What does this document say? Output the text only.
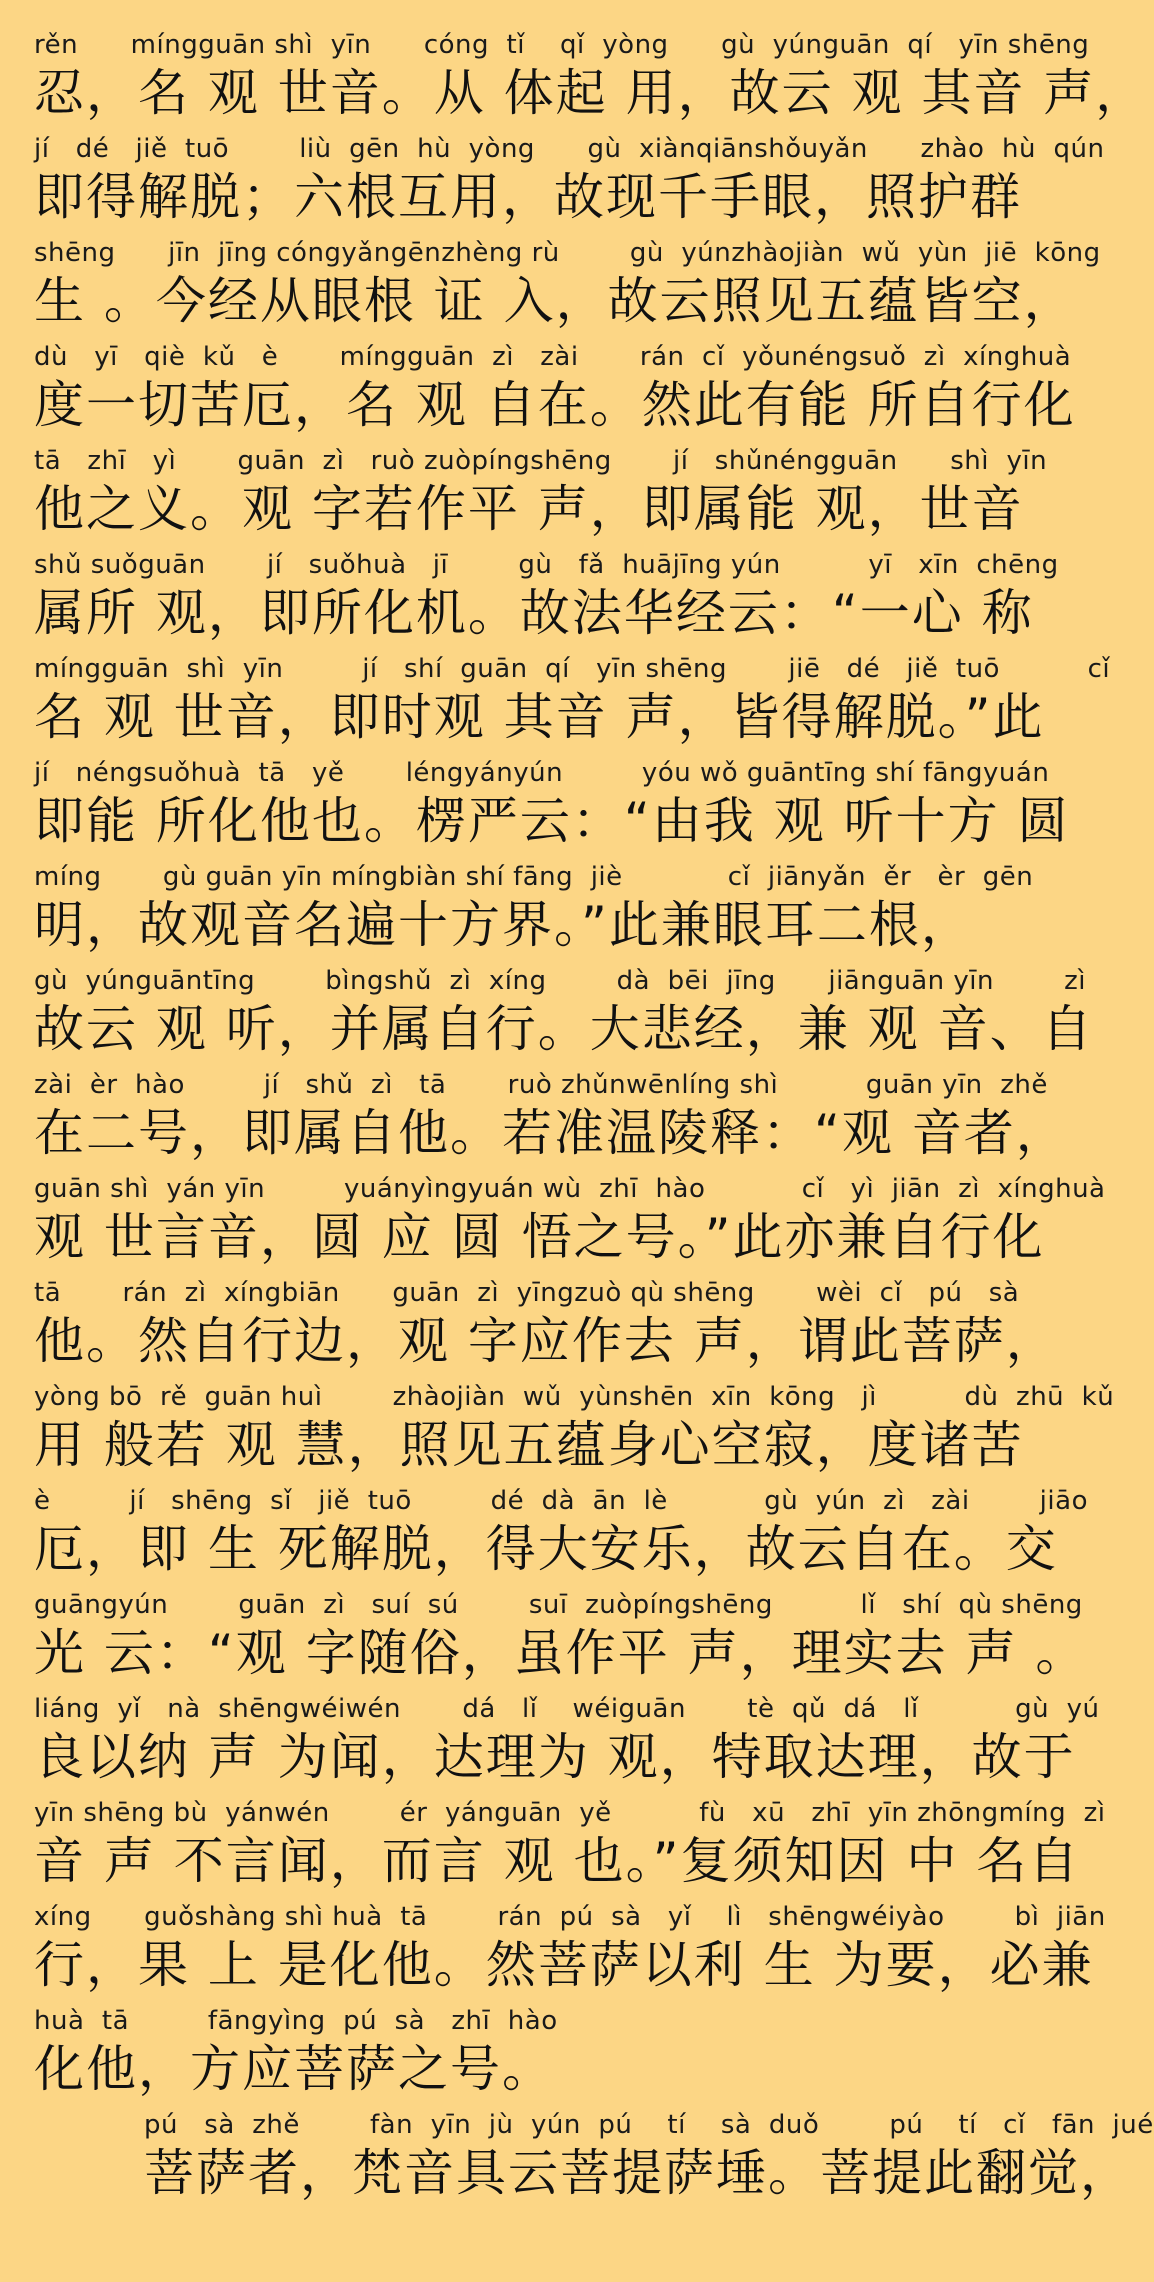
rěn      míngguān shì  yīn      cóng  tǐ    qǐ  yòng      gù  yúnguān  qí   yīn shēng
忍，名 观 世音。从 体起 用，故云 观 其音 声，
jí   dé   jiě  tuō        liù  gēn  hù  yòng      gù  xiànqiānshǒuyǎn      zhào  hù  qún
即得解脱；六根互用，故现千手眼，照护群
shēng      jīn  jīng cóngyǎngēnzhèng rù        gù  yúnzhàojiàn  wǔ  yùn  jiē  kōng
生 。今经从眼根 证 入，故云照见五蕴皆空，
dù   yī   qiè  kǔ   è       míngguān  zì   zài       rán  cǐ  yǒunéngsuǒ  zì  xínghuà
度一切苦厄，名 观 自在。然此有能 所自行化
tā   zhī   yì       guān  zì   ruò zuòpíngshēng       jí   shǔnéngguān      shì  yīn
他之义。观 字若作平 声，即属能 观，世音
shǔ suǒguān       jí   suǒhuà   jī        gù   fǎ  huājīng yún          yī   xīn  chēng
属所 观，即所化机。故法华经云：“一心 称
míngguān  shì  yīn         jí   shí  guān  qí   yīn shēng       jiē   dé   jiě  tuō          cǐ
名 观 世音，即时观 其音 声，皆得解脱。”此
jí   néngsuǒhuà  tā   yě       léngyányún         yóu wǒ guāntīng shí fāngyuán
即能 所化他也。楞严云：“由我 观 听十方 圆
míng       gù guān yīn míngbiàn shí fāng  jiè            cǐ  jiānyǎn  ěr   èr  gēn
明，故观音名遍十方界。”此兼眼耳二根，
gù  yúnguāntīng        bìngshǔ  zì  xíng        dà  bēi  jīng      jiānguān yīn        zì
故云 观 听，并属自行。大悲经，兼 观 音、自
zài  èr  hào         jí   shǔ  zì   tā       ruò zhǔnwēnlíng shì          guān yīn  zhě
在二号，即属自他。若准温陵释：“观 音者，
guān shì  yán yīn         yuányìngyuán wù  zhī  hào           cǐ   yì  jiān  zì  xínghuà
观 世言音，圆 应 圆 悟之号。”此亦兼自行化
tā       rán  zì  xíngbiān      guān  zì  yīngzuò qù shēng       wèi  cǐ   pú   sà
他。然自行边，观 字应作去 声，谓此菩萨，
yòng bō  rě  guān huì        zhàojiàn  wǔ  yùnshēn  xīn  kōng   jì          dù  zhū  kǔ
用 般若 观 慧，照见五蕴身心空寂，度诸苦
è         jí   shēng  sǐ   jiě  tuō         dé  dà  ān  lè           gù  yún  zì   zài        jiāo
厄，即 生 死解脱，得大安乐，故云自在。交
guāngyún        guān  zì   suí  sú        suī  zuòpíngshēng          lǐ   shí  qù shēng
光 云：“观 字随俗，虽作平 声，理实去 声 。
liáng  yǐ   nà  shēngwéiwén       dá   lǐ    wéiguān       tè  qǔ  dá   lǐ           gù  yú
良以纳 声 为闻，达理为 观，特取达理，故于
yīn shēng bù  yánwén        ér  yánguān  yě          fù   xū   zhī  yīn zhōngmíng  zì
音 声 不言闻，而言 观 也。”复须知因 中 名自
xíng      guǒshàng shì huà  tā        rán  pú  sà   yǐ    lì   shēngwéiyào        bì  jiān
行，果 上 是化他。然菩萨以利 生 为要，必兼
huà  tā         fāngyìng  pú  sà   zhī  hào
化他，方应菩萨之号。
pú   sà  zhě        fàn  yīn  jù  yún  pú    tí    sà  duǒ        pú    tí   cǐ   fān  jué
菩萨者，梵音具云菩提萨埵。菩提此翻觉，
